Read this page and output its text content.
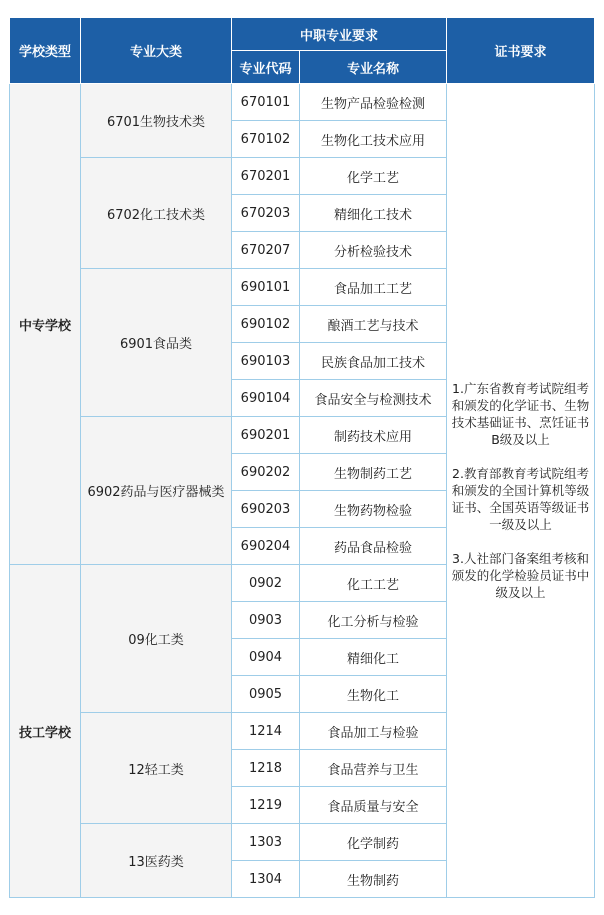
学校类型	专业大类	中职专业要求		证书要求
		专业代码	专业名称	
中专学校	6701生物技术类	670101	生物产品检验检测	1.广东省教育考试院组考和颁发的化学证书、生物技术基础证书、烹饪证书B级及以上

2.教育部教育考试院组考和颁发的全国计算机等级证书、全国英语等级证书一级及以上

3.人社部门备案组考核和颁发的化学检验员证书中级及以上
		670102	生物化工技术应用	
	6702化工技术类	670201	化学工艺	
		670203	精细化工技术	
		670207	分析检验技术	
	6901食品类	690101	食品加工工艺	
		690102	酿酒工艺与技术	
		690103	民族食品加工技术	
		690104	食品安全与检测技术	
	6902药品与医疗器械类	690201	制药技术应用	
		690202	生物制药工艺	
		690203	生物药物检验	
		690204	药品食品检验	
技工学校	09化工类	0902	化工工艺	
		0903	化工分析与检验	
		0904	精细化工	
		0905	生物化工	
	12轻工类	1214	食品加工与检验	
		1218	食品营养与卫生	
		1219	食品质量与安全	
	13医药类	1303	化学制药	
		1304	生物制药	
